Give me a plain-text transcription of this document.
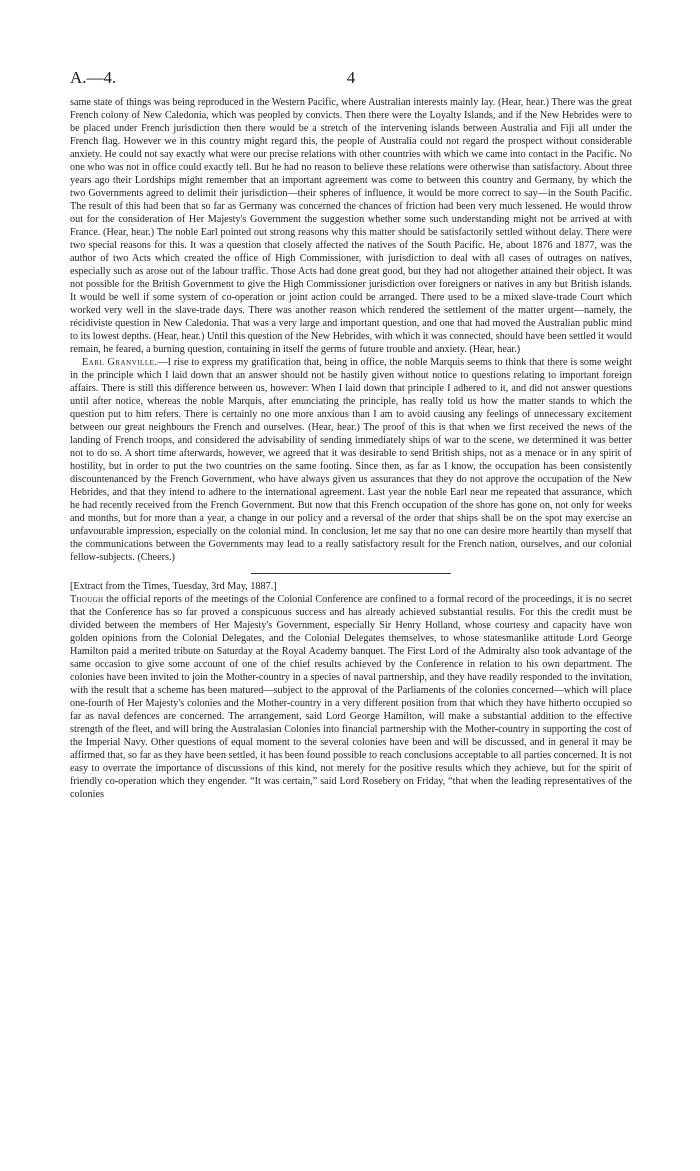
A.—4.	4

same state of things was being reproduced in the Western Pacific, where Australian interests mainly lay. (Hear, hear.) There was the great French colony of New Caledonia, which was peopled by convicts. Then there were the Loyalty Islands, and if the New Hebrides were to be placed under French jurisdiction then there would be a stretch of the intervening islands between Australia and Fiji all under the French flag. However we in this country might regard this, the people of Australia could not regard the prospect without considerable anxiety. He could not say exactly what were our precise relations with other countries with which we came into contact in the Pacific. No one who was not in office could exactly tell. But he had no reason to believe these relations were otherwise than satisfactory. About three years ago their Lordships might remember that an important agreement was come to between this country and Germany, by which the two Governments agreed to delimit their jurisdiction—their spheres of influence, it would be more correct to say—in the South Pacific. The result of this had been that so far as Germany was concerned the chances of friction had been very much lessened. He would throw out for the consideration of Her Majesty's Government the suggestion whether some such understanding might not be arrived at with France. (Hear, hear.) The noble Earl pointed out strong reasons why this matter should be satisfactorily settled without delay. There were two special reasons for this. It was a question that closely affected the natives of the South Pacific. He, about 1876 and 1877, was the author of two Acts which created the office of High Commissioner, with jurisdiction to deal with all cases of outrages on natives, especially such as arose out of the labour traffic. Those Acts had done great good, but they had not altogether attained their object. It was not possible for the British Government to give the High Commissioner jurisdiction over foreigners or natives in any but British islands. It would be well if some system of co-operation or joint action could be arranged. There used to be a mixed slave-trade Court which worked very well in the slave-trade days. There was another reason which rendered the settlement of the matter urgent—namely, the récidiviste question in New Caledonia. That was a very large and important question, and one that had moved the Australian public mind to its lowest depths. (Hear, hear.) Until this question of the New Hebrides, with which it was connected, should have been settled it would remain, he feared, a burning question, containing in itself the germs of future trouble and anxiety. (Hear, hear.)

Earl Granville.—I rise to express my gratification that, being in office, the noble Marquis seems to think that there is some weight in the principle which I laid down that an answer should not be hastily given without notice to questions relating to important foreign affairs. There is still this difference between us, however: When I laid down that principle I adhered to it, and did not answer questions until after notice, whereas the noble Marquis, after enunciating the principle, has really told us how the matter stands to which the question put to him refers. There is certainly no one more anxious than I am to avoid causing any feelings of unnecessary excitement between our great neighbours the French and ourselves. (Hear, hear.) The proof of this is that when we first received the news of the landing of French troops, and considered the advisability of sending immediately ships of war to the scene, we determined it was better not to do so. A short time afterwards, however, we agreed that it was desirable to send British ships, not as a menace or in any spirit of hostility, but in order to put the two countries on the same footing. Since then, as far as I know, the occupation has been consistently discountenanced by the French Government, who have always given us assurances that they do not approve the occupation of the New Hebrides, and that they intend to adhere to the international agreement. Last year the noble Earl near me repeated that assurance, which he had recently received from the French Government. But now that this French occupation of the shore has gone on, not only for weeks and months, but for more than a year, a change in our policy and a reversal of the order that ships shall be on the spot may exercise an unfavourable impression, especially on the colonial mind. In conclusion, let me say that no one can desire more heartily than myself that the communications between the Governments may lead to a really satisfactory result for the French nation, ourselves, and our colonial fellow-subjects. (Cheers.)

[Extract from the Times, Tuesday, 3rd May, 1887.]

Though the official reports of the meetings of the Colonial Conference are confined to a formal record of the proceedings, it is no secret that the Conference has so far proved a conspicuous success and has already achieved substantial results. For this the credit must be divided between the members of Her Majesty's Government, especially Sir Henry Holland, whose courtesy and capacity have won golden opinions from the Colonial Delegates, and the Colonial Delegates themselves, to whose statesmanlike attitude Lord George Hamilton paid a merited tribute on Saturday at the Royal Academy banquet. The First Lord of the Admiralty also took advantage of the same occasion to give some account of one of the chief results achieved by the Conference in relation to his own department. The colonies have been invited to join the Mother-country in a species of naval partnership, and they have readily responded to the invitation, with the result that a scheme has been matured—subject to the approval of the Parliaments of the colonies concerned—which will place one-fourth of Her Majesty's colonies and the Mother-country in a very different position from that which they have hitherto occupied so far as naval defences are concerned. The arrangement, said Lord George Hamilton, will make a substantial addition to the effective strength of the fleet, and will bring the Australasian Colonies into financial partnership with the Mother-country in supporting the cost of the Imperial Navy. Other questions of equal moment to the several colonies have been and will be discussed, and in general it may be affirmed that, so far as they have been settled, it has been found possible to reach conclusions acceptable to all parties concerned. It is not easy to overrate the importance of discussions of this kind, not merely for the positive results which they achieve, but for the spirit of friendly co-operation which they engender. “It was certain,” said Lord Rosebery on Friday, “that when the leading representatives of the colonies
